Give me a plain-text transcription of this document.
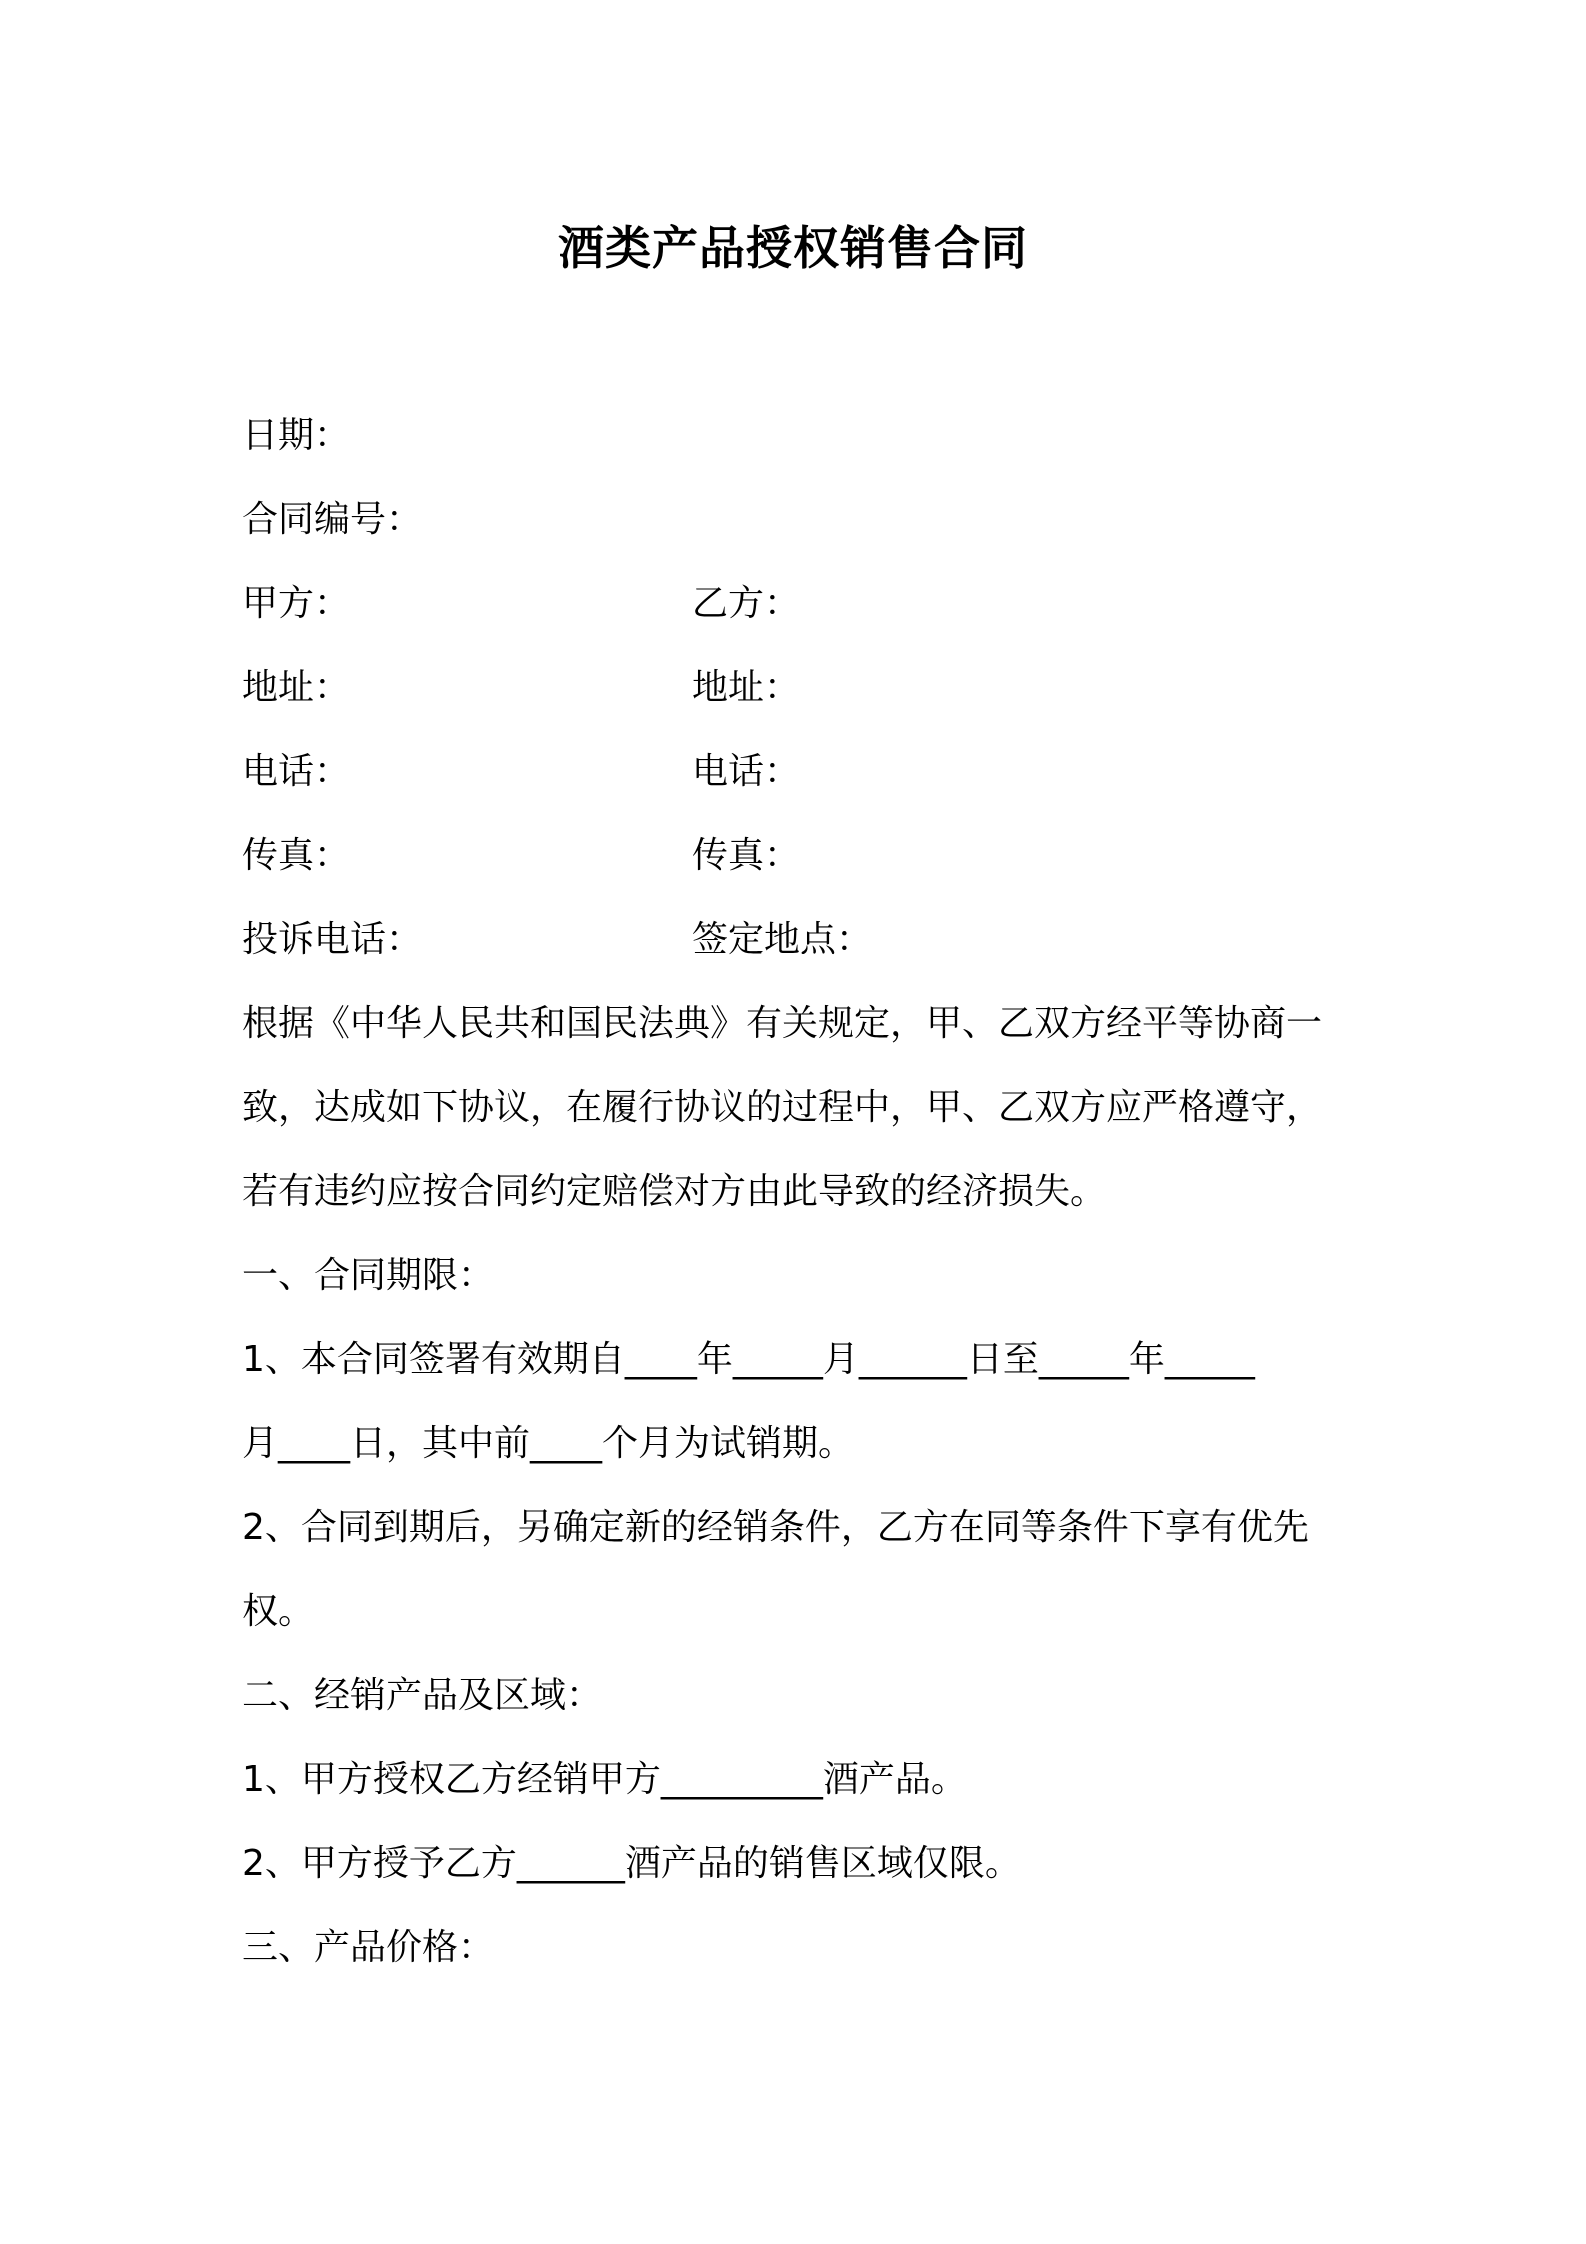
酒类产品授权销售合同
日期：
合同编号：
甲方：	乙方：
地址：	地址：
电话：	电话：
传真：	传真：
投诉电话：	签定地点：
根据《中华人民共和国民法典》有关规定，甲、乙双方经平等协商一
致，达成如下协议，在履行协议的过程中，甲、乙双方应严格遵守，
若有违约应按合同约定赔偿对方由此导致的经济损失。
一、合同期限：
1、本合同签署有效期自____年_____月______日至_____年_____
月____日，其中前____个月为试销期。
2、合同到期后，另确定新的经销条件，乙方在同等条件下享有优先
权。
二、经销产品及区域：
1、甲方授权乙方经销甲方_________酒产品。
2、甲方授予乙方______酒产品的销售区域仅限。
三、产品价格：
